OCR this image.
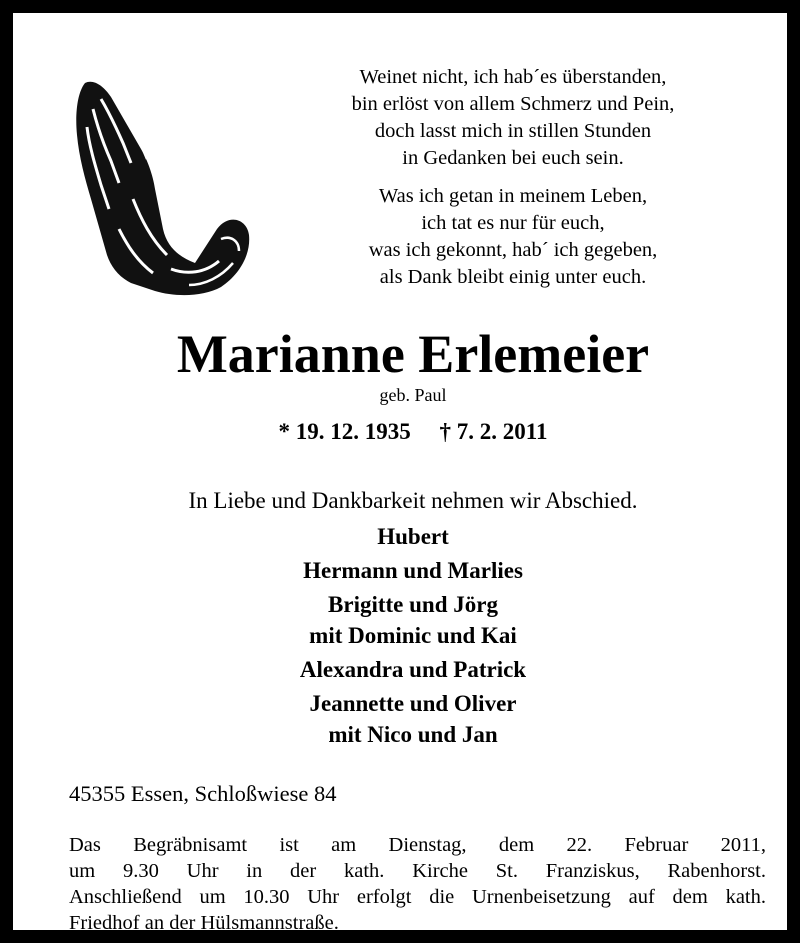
Weinet nicht, ich hab´es überstanden,
bin erlöst von allem Schmerz und Pein,
doch lasst mich in stillen Stunden
in Gedanken bei euch sein.
Was ich getan in meinem Leben,
ich tat es nur für euch,
was ich gekonnt, hab´ ich gegeben,
als Dank bleibt einig unter euch.
Marianne Erlemeier
geb. Paul
* 19. 12. 1935     † 7. 2. 2011
In Liebe und Dankbarkeit nehmen wir Abschied.
Hubert
Hermann und Marlies
Brigitte und Jörg
mit Dominic und Kai
Alexandra und Patrick
Jeannette und Oliver
mit Nico und Jan
45355 Essen, Schloßwiese 84
Das Begräbnisamt ist am Dienstag, dem 22. Februar 2011,
um 9.30 Uhr in der kath. Kirche St. Franziskus, Rabenhorst.
Anschließend um 10.30 Uhr erfolgt die Urnenbeisetzung auf dem kath.
Friedhof an der Hülsmannstraße.
